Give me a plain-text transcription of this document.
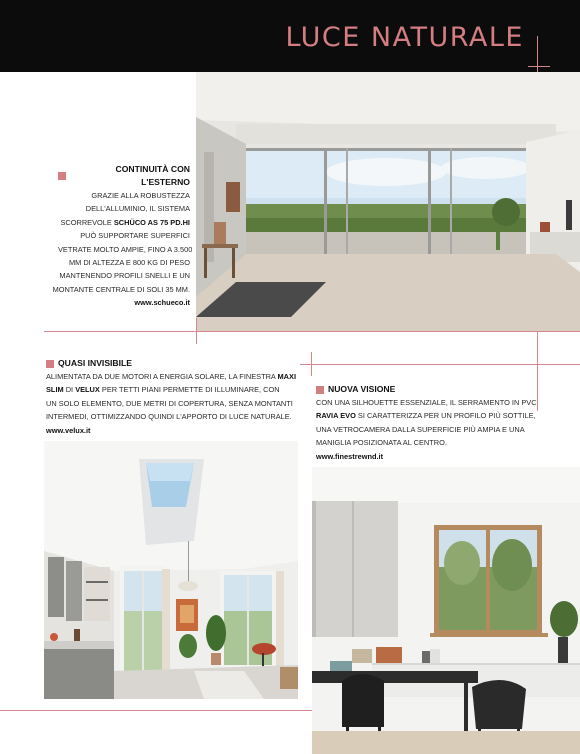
LUCE NATURALE
CONTINUITÀ CON L'ESTERNO
GRAZIE ALLA ROBUSTEZZA
DELL'ALLUMINIO, IL SISTEMA
SCORREVOLE SCHÜCO AS 75 PD.HI
PUÒ SUPPORTARE SUPERFICI
VETRATE MOLTO AMPIE, FINO A 3.500
MM DI ALTEZZA E 800 KG DI PESO
MANTENENDO PROFILI SNELLI E UN
MONTANTE CENTRALE DI SOLI 35 MM.
www.schueco.it
QUASI INVISIBILE
ALIMENTATA DA DUE MOTORI A ENERGIA SOLARE, LA FINESTRA MAXI
SLIM DI VELUX PER TETTI PIANI PERMETTE DI ILLUMINARE, CON
UN SOLO ELEMENTO, DUE METRI DI COPERTURA, SENZA MONTANTI
INTERMEDI, OTTIMIZZANDO QUINDI L'APPORTO DI LUCE NATURALE.
www.velux.it
NUOVA VISIONE
CON UNA SILHOUETTE ESSENZIALE, IL SERRAMENTO IN PVC
RAVIA EVO SI CARATTERIZZA PER UN PROFILO PIÙ SOTTILE,
UNA VETROCAMERA DALLA SUPERFICIE PIÙ AMPIA E UNA
MANIGLIA POSIZIONATA AL CENTRO.
www.finestrewnd.it
